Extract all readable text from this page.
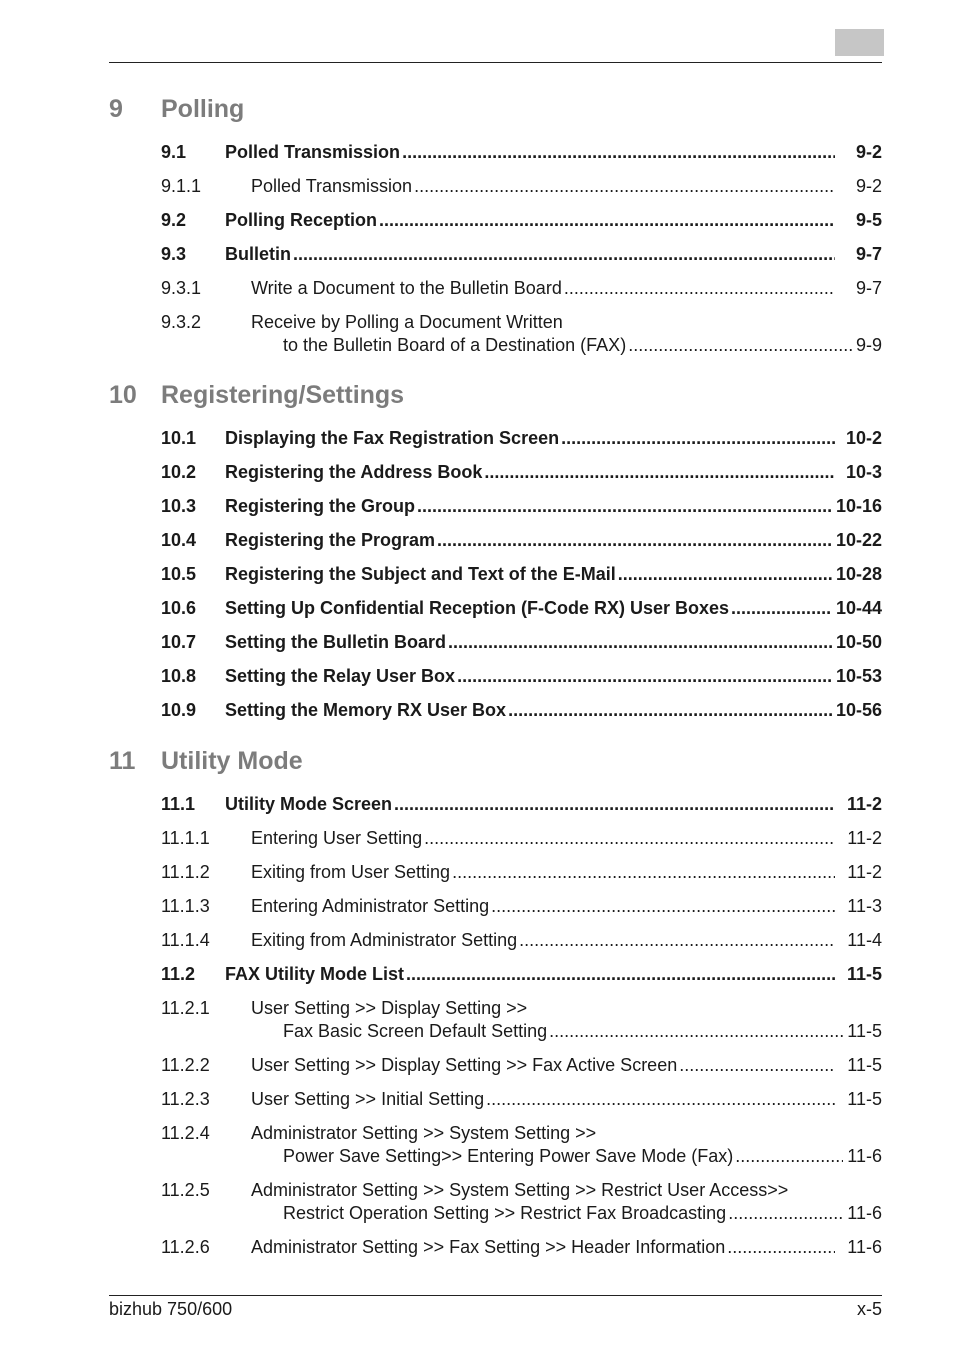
9 Polling
9.1 Polled Transmission .....	9-2
9.1.1	Polled Transmission .....	9-2
9.2 Polling Reception .....	9-5
9.3 Bulletin .....	9-7
9.3.1	Write a Document to the Bulletin Board .....	9-7
9.3.2	Receive by Polling a Document Written
to the Bulletin Board of a Destination (FAX) .....	9-9
10 Registering/Settings
10.1 Displaying the Fax Registration Screen .....	10-2
10.2 Registering the Address Book .....	10-3
10.3 Registering the Group .....	10-16
10.4 Registering the Program .....	10-22
10.5 Registering the Subject and Text of the E-Mail .....	10-28
10.6 Setting Up Confidential Reception (F-Code RX) User Boxes .....	10-44
10.7 Setting the Bulletin Board .....	10-50
10.8 Setting the Relay User Box .....	10-53
10.9 Setting the Memory RX User Box .....	10-56
11 Utility Mode
11.1 Utility Mode Screen .....	11-2
11.1.1 Entering User Setting .....	11-2
11.1.2 Exiting from User Setting .....	11-2
11.1.3 Entering Administrator Setting .....	11-3
11.1.4 Exiting from Administrator Setting .....	11-4
11.2 FAX Utility Mode List .....	11-5
11.2.1 User Setting >> Display Setting >>
Fax Basic Screen Default Setting .....	11-5
11.2.2 User Setting >> Display Setting >> Fax Active Screen .....	11-5
11.2.3 User Setting >> Initial Setting .....	11-5
11.2.4 Administrator Setting >> System Setting >>
Power Save Setting>> Entering Power Save Mode (Fax) .....	11-6
11.2.5 Administrator Setting >> System Setting >> Restrict User Access>>
Restrict Operation Setting >> Restrict Fax Broadcasting .....	11-6
11.2.6 Administrator Setting >> Fax Setting >> Header Information .....	11-6
bizhub 750/600	x-5
